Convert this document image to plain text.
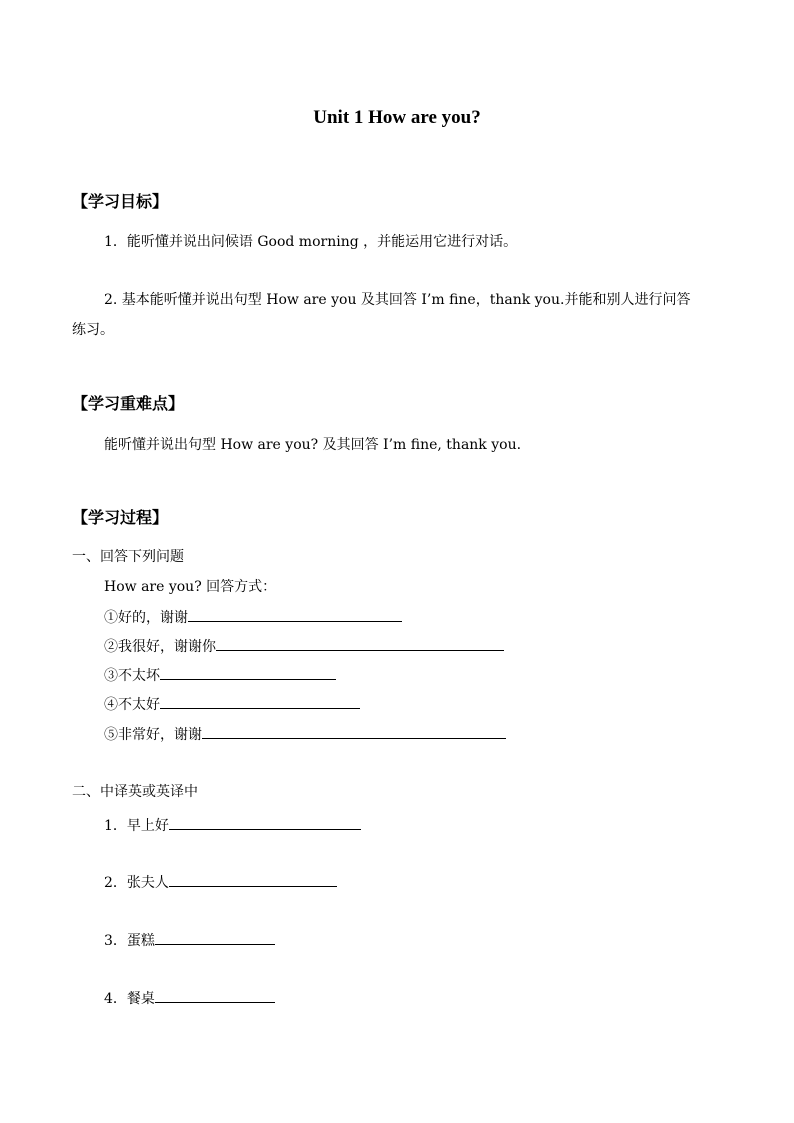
Unit 1 How are you?
【学习目标】
1．能听懂并说出问候语 Good morning ，并能运用它进行对话。
2. 基本能听懂并说出句型 How are you 及其回答 I’m fine，thank you.并能和别人进行问答
练习。
【学习重难点】
能听懂并说出句型 How are you? 及其回答 I’m fine, thank you.
【学习过程】
一、回答下列问题
How are you? 回答方式：
①好的，谢谢
②我很好，谢谢你
③不太坏
④不太好
⑤非常好，谢谢
二、中译英或英译中
1．早上好
2．张夫人
3．蛋糕
4．餐桌
